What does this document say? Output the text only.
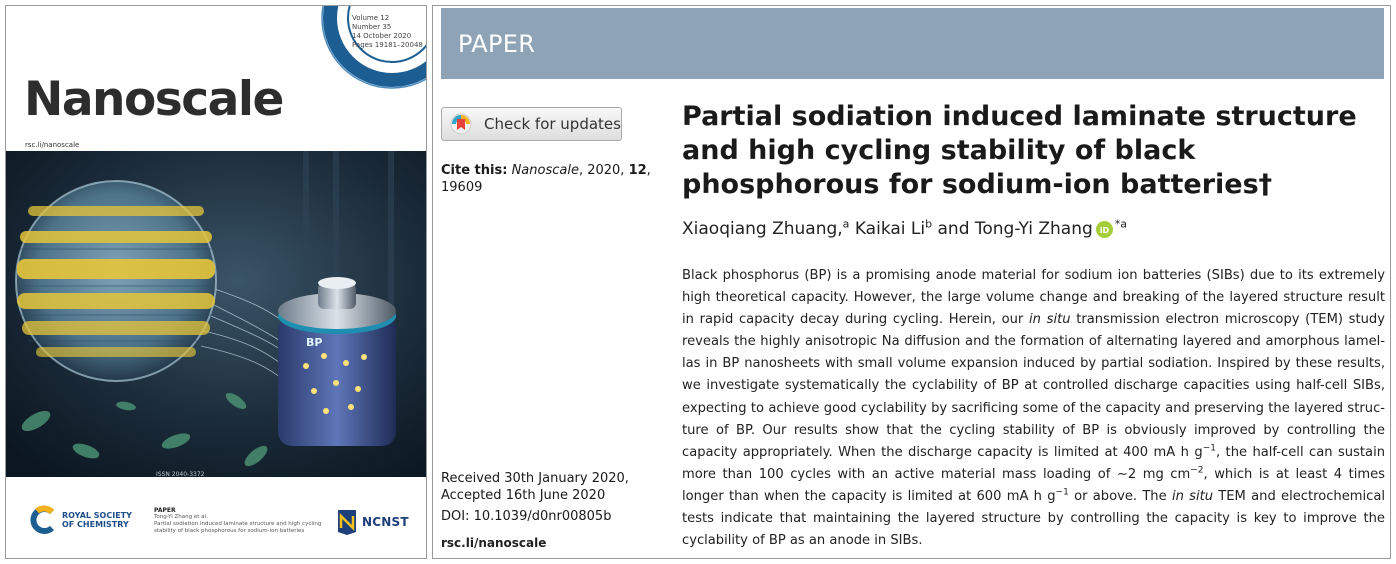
Volume 12
Number 35
14 October 2020
Pages 19181–20048
Nanoscale
rsc.li/nanoscale
BP
ISSN 2040-3372
ROYAL SOCIETY
OF CHEMISTRY
PAPER
Tong-Yi Zhang et al.
Partial sodiation induced laminate structure and high cycling stability of black phosphorous for sodium-ion batteries
NCNST
PAPER
Check for updates
Cite this: Nanoscale, 2020, 12, 19609
Received 30th January 2020,
Accepted 16th June 2020
DOI: 10.1039/d0nr00805b
rsc.li/nanoscale
Partial sodiation induced laminate structure and high cycling stability of black phosphorous for sodium-ion batteries†
Xiaoqiang Zhuang,$^a$
Kaikai Li$^b$
and Tong-Yi Zhang iD
$^{*a}$

Black phosphorus (BP) is a promising anode material for sodium ion batteries (SIBs) due to its extremely high theoretical capacity. However, the large volume change and breaking of the layered structure result in rapid capacity decay during cycling. Herein, our in situ transmission electron microscopy (TEM) study reveals the highly anisotropic Na diffusion and the formation of alternating layered and amorphous lamel-las in BP nanosheets with small volume expansion induced by partial sodiation. Inspired by these results, we investigate systematically the cyclability of BP at controlled discharge capacities using half-cell SIBs, expecting to achieve good cyclability by sacrificing some of the capacity and preserving the layered struc-ture of BP. Our results show that the cycling stability of BP is obviously improved by controlling the capacity appropriately. When the discharge capacity is limited at 400 mA h $g^{-1}$, the half-cell can sustain more than 100 cycles with an active material mass loading of ∼2 mg $cm^{-2}$, which is at least 4 times longer than when the capacity is limited at 600 mA h $g^{-1}$ or above. The in situ TEM and electrochemical tests indicate that maintaining the layered structure by controlling the capacity is key to improve the cyclability of BP as an anode in SIBs.
